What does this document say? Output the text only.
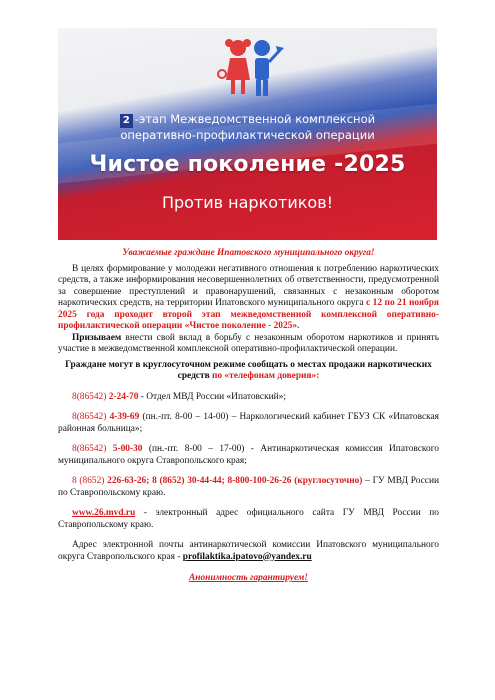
2 -этап Межведомственной комплексной
оперативно-профилактической операции
Чистое поколение -2025
Против наркотиков!

Уважаемые граждане Ипатовского муниципального округа!

В целях формирование у молодежи негативного отношения к потреблению наркотических средств, а также информирования несовершеннолетних об ответственности, предусмотренной за совершение преступлений и правонарушений, связанных с незаконным оборотом наркотических средств, на территории Ипатовского муниципального округа с 12 по 21 ноября 2025 года проходит второй этап межведомственной комплексной оперативно-профилактической операции «Чистое поколение - 2025».

Призываем внести свой вклад в борьбу с незаконным оборотом наркотиков и принять участие в межведомственной комплексной оперативно-профилактической операции.

Граждане могут в круглосуточном режиме сообщать о местах продажи наркотических средств по «телефонам доверия»:

8(86542) 2-24-70 - Отдел МВД России «Ипатовский»;

8(86542) 4-39-69 (пн.-пт. 8-00 – 14-00) – Наркологический кабинет ГБУЗ СК «Ипатовская районная больница»;

8(86542) 5-00-30 (пн.-пт. 8-00 – 17-00) - Антинаркотическая комиссия Ипатовского муниципального округа Ставропольского края;

8 (8652) 226-63-26; 8 (8652) 30-44-44; 8-800-100-26-26 (круглосуточно) – ГУ МВД России по Ставропольскому краю.

www.26.mvd.ru - электронный адрес официального сайта ГУ МВД России по Ставропольскому краю.

Адрес электронной почты антинаркотической комиссии Ипатовского муниципального округа Ставропольского края - profilaktika.ipatovo@yandex.ru

Анонимность гарантируем!
